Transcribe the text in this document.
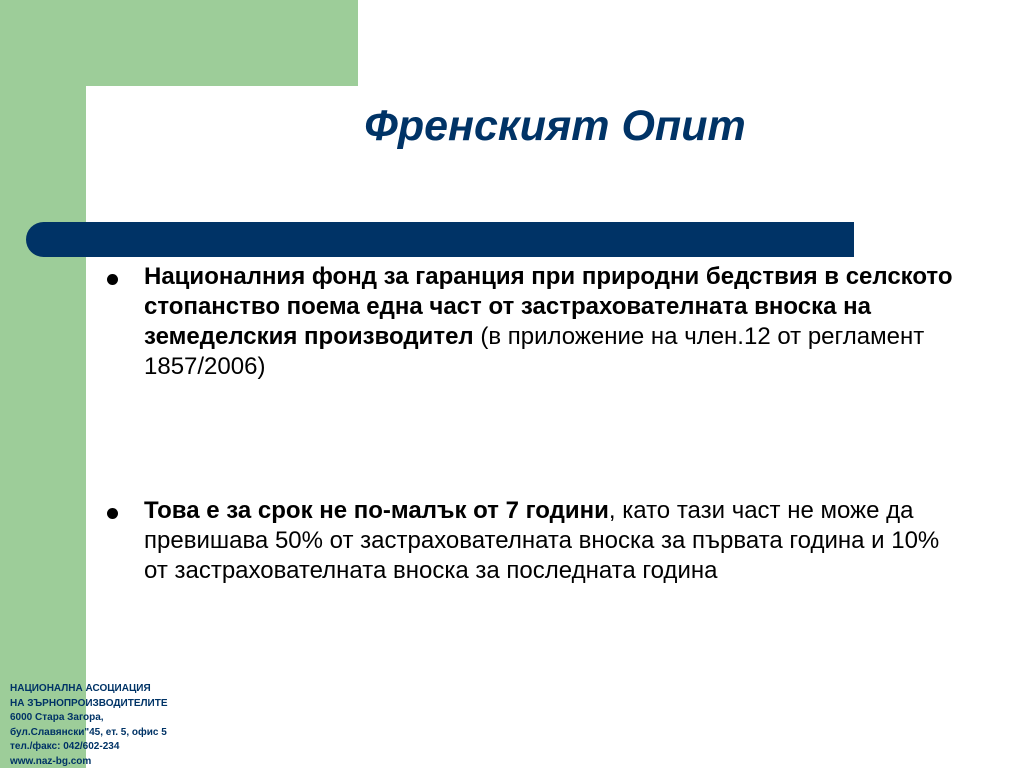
Френският Опит
Националния фонд за гаранция при природни бедствия в селското стопанство поема една част от застрахователната вноска на земеделския производител (в приложение на член.12 от регламент 1857/2006)
Това е за срок не по-малък от 7 години, като тази част не може да превишава 50% от застрахователната вноска за първата година и 10% от застрахователната вноска за последната година
НАЦИОНАЛНА АСОЦИАЦИЯ
НА ЗЪРНОПРОИЗВОДИТЕЛИТЕ
6000 Стара Загора,
бул.Славянски"45, ет. 5, офис 5
тел./факс: 042/602-234
www.naz-bg.com
